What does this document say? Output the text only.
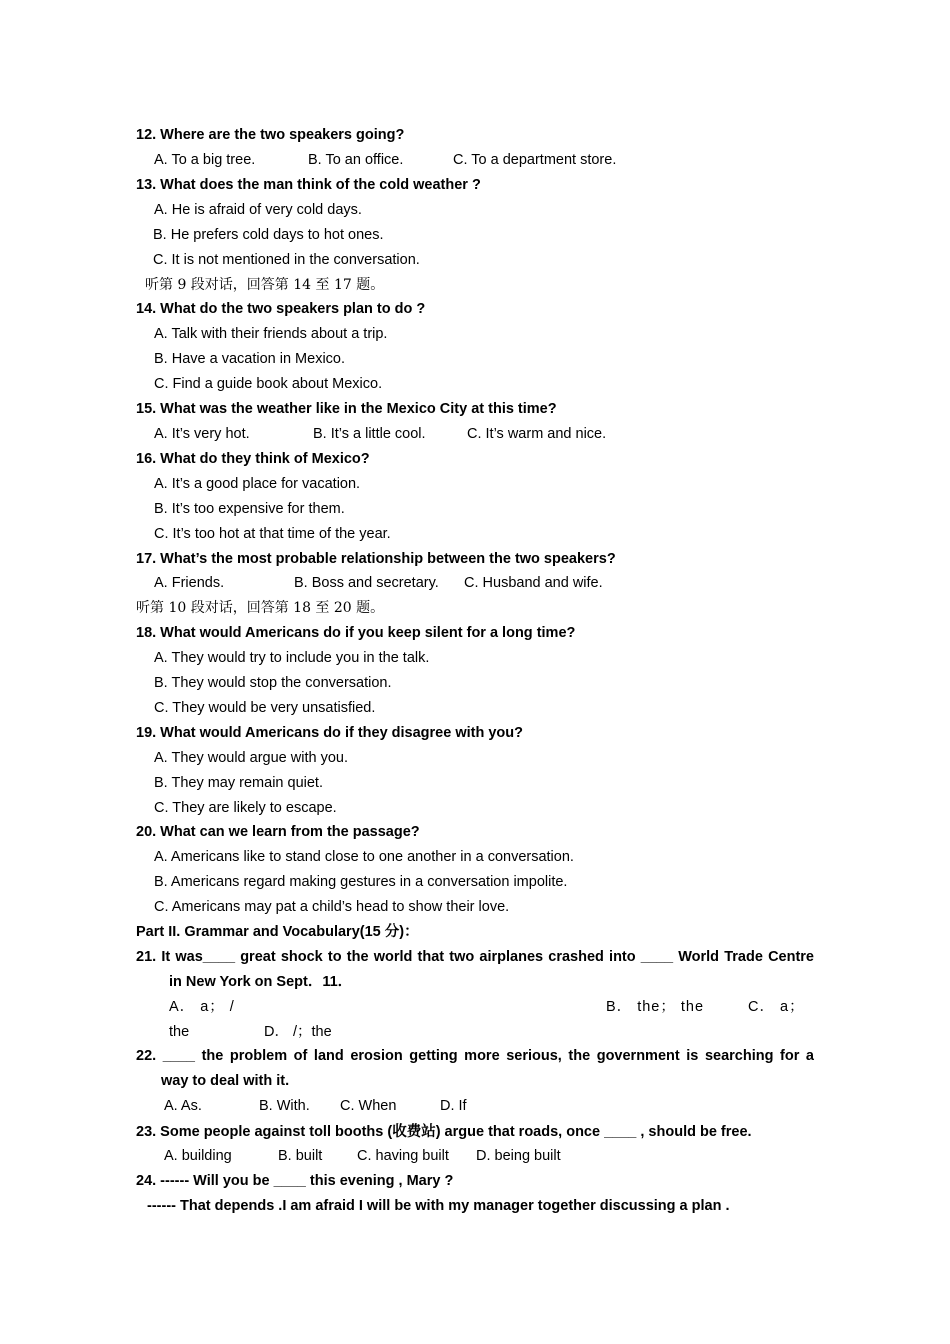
12. Where are the two speakers going?
A. To a big tree.	B. To an office.	C. To a department store.
13. What does the man think of the cold weather ?
A. He is afraid of very cold days.
B. He prefers cold days to hot ones.
C. It is not mentioned in the conversation.
听第 9 段对话，回答第 14 至 17 题。
14. What do the two speakers plan to do ?
A. Talk with their friends about a trip.
B. Have a vacation in Mexico.
C. Find a guide book about Mexico.
15. What was the weather like in the Mexico City at this time?
A. It’s very hot.	B. It’s a little cool.	C. It’s warm and nice.
16. What do they think of Mexico?
A. It’s a good place for vacation.
B. It’s too expensive for them.
C. It’s too hot at that time of the year.
17. What’s the most probable relationship between the two speakers?
A. Friends.	B. Boss and secretary. C. Husband and wife.
听第 10 段对话，回答第 18 至 20 题。
18. What would Americans do if you keep silent for a long time?
A. They would try to include you in the talk.
B. They would stop the conversation.
C. They would be very unsatisfied.
19. What would Americans do if they disagree with you?
A. They would argue with you.
B. They may remain quiet.
C. They are likely to escape.
20. What can we learn from the passage?
A. Americans like to stand close to one another in a conversation.
B. Americans regard making gestures in a conversation impolite.
C. Americans may pat a child’s head to show their love.
Part II. Grammar and Vocabulary(15 分)：
21. It was____ great shock to the world that two airplanes crashed into ____ World Trade Centre
in New York on Sept．11．
A． a； /	B． the； the	C． a；
the	D． /；the
22. ____ the problem of land erosion getting more serious, the government is searching for a
way to deal with it.
A. As.	B. With. C. When	D. If
23. Some people against toll booths (收费站) argue that roads, once ____ , should be free.
A. building	B. built C. having built D. being built
24. ------ Will you be ____ this evening , Mary ?
------ That depends .I am afraid I will be with my manager together discussing a plan .
